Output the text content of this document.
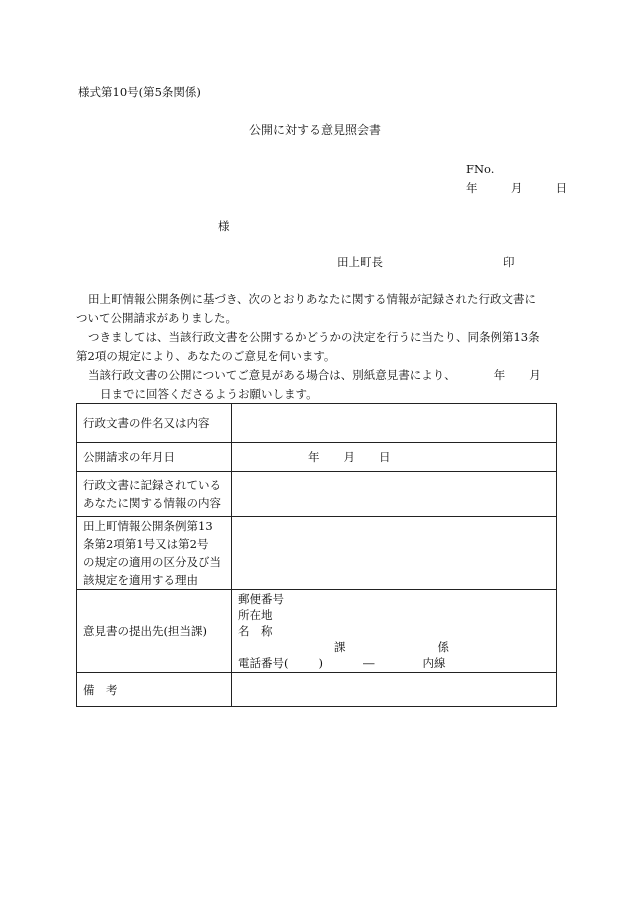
様式第10号(第5条関係)
公開に対する意見照会書
FNo.
年	月	日
様
田上町長	印
田上町情報公開条例に基づき、次のとおりあなたに関する情報が記録された行政文書に
ついて公開請求がありました。
つきましては、当該行政文書を公開するかどうかの決定を行うに当たり、同条例第13条
第2項の規定により、あなたのご意見を伺います。
当該行政文書の公開についてご意見がある場合は、別紙意見書により、	年 月
日までに回答くださるようお願いします。
行政文書の件名又は内容	
公開請求の年月日	年 月 日

行政文書に記録されている
あなたに関する情報の内容	

田上町情報公開条例第13
条第2項第1号又は第2号
の規定の適用の区分及び当
該規定を適用する理由	

意見書の提出先(担当課)	郵便番号
所在地
名　称
課 係
電話番号( ) ― 内線

備　考	
